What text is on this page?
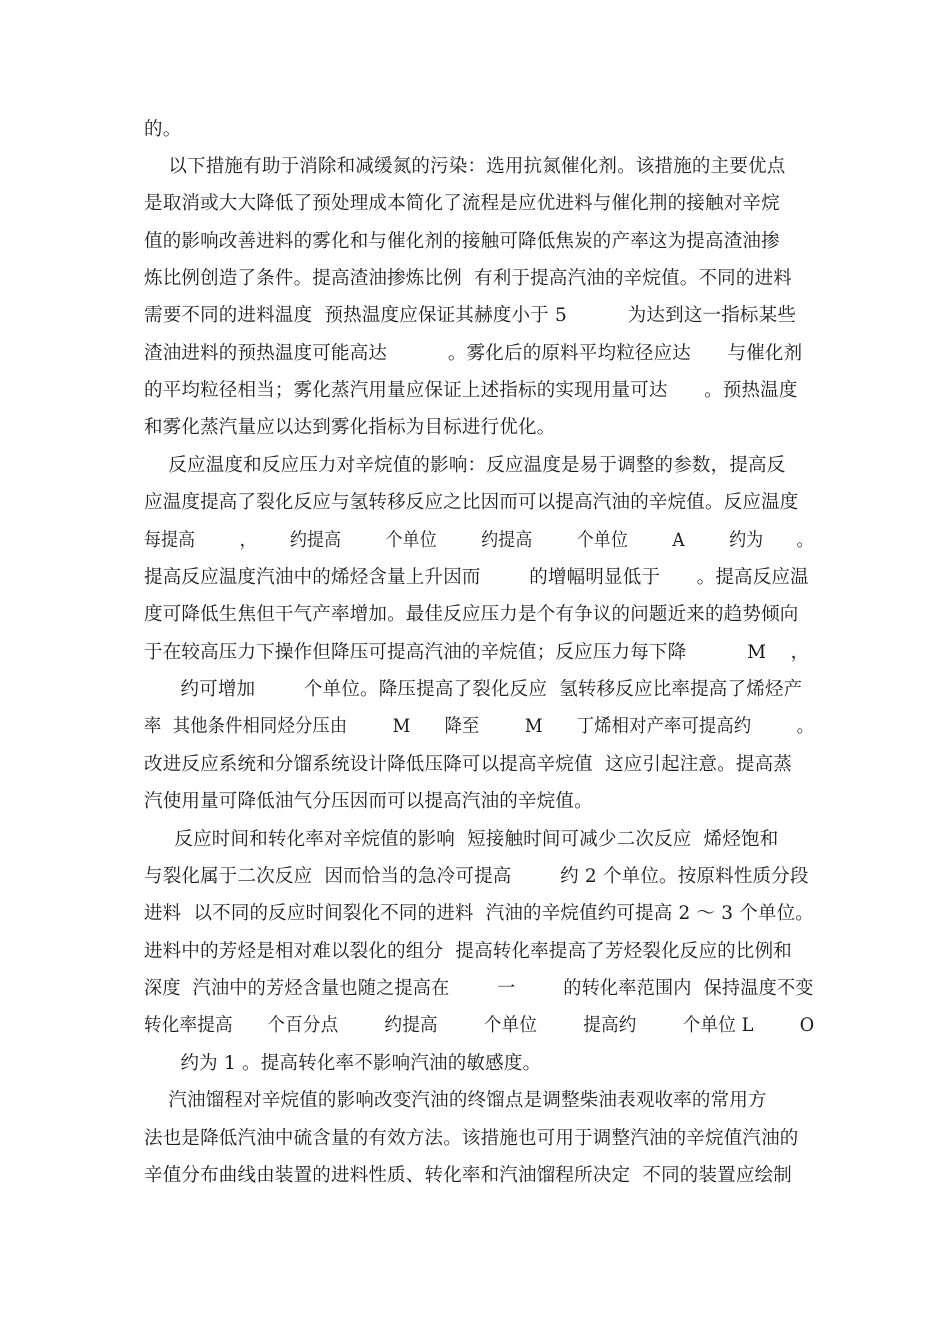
的。
以下措施有助于消除和减缓氮的污染：选用抗氮催化剂。该措施的主要优点
是取消或大大降低了预处理成本简化了流程是应优进料与催化荆的接触对辛烷
值的影响改善进料的雾化和与催化剂的接触可降低焦炭的产率这为提高渣油掺
炼比例创造了条件。提高渣油掺炼比例  有利于提高汽油的辛烷值。不同的进料
需要不同的进料温度  预热温度应保证其赫度小于 5          为达到这一指标某些
渣油进料的预热温度可能高达          。雾化后的原料平均粒径应达      与催化剂
的平均粒径相当；雾化蒸汽用量应保证上述指标的实现用量可达      。预热温度
和雾化蒸汽量应以达到雾化指标为目标进行优化。
反应温度和反应压力对辛烷值的影响：反应温度是易于调整的参数，提高反
应温度提高了裂化反应与氢转移反应之比因而可以提高汽油的辛烷值。反应温度
每提高        ，      约提高        个单位        约提高        个单位        A        约为      。
提高反应温度汽油中的烯烃含量上升因而        的增幅明显低于      。提高反应温
度可降低生焦但干气产率增加。最佳反应压力是个有争议的问题近来的趋势倾向
于在较高压力下操作但降压可提高汽油的辛烷值；反应压力每下降          M    ，
约可增加        个单位。降压提高了裂化反应  氢转移反应比率提高了烯烃产
率  其他条件相同烃分压由        M      降至        M      丁烯相对产率可提高约        。
改进反应系统和分馏系统设计降低压降可以提高辛烷值  这应引起注意。提高蒸
汽使用量可降低油气分压因而可以提高汽油的辛烷值。
反应时间和转化率对辛烷值的影响  短接触时间可减少二次反应  烯烃饱和
与裂化属于二次反应  因而恰当的急冷可提高        约 2 个单位。按原料性质分段
进料  以不同的反应时间裂化不同的进料  汽油的辛烷值约可提高 2 ～ 3 个单位。
进料中的芳烃是相对难以裂化的组分  提高转化率提高了芳烃裂化反应的比例和
深度  汽油中的芳烃含量也随之提高在        一        的转化率范围内  保持温度不变
转化率提高      个百分点        约提高        个单位        提高约        个单位 L        O
约为 1 。提高转化率不影响汽油的敏感度。
汽油馏程对辛烷值的影响改变汽油的终馏点是调整柴油表观收率的常用方
法也是降低汽油中硫含量的有效方法。该措施也可用于调整汽油的辛烷值汽油的
辛值分布曲线由装置的进料性质、转化率和汽油馏程所决定  不同的装置应绘制
